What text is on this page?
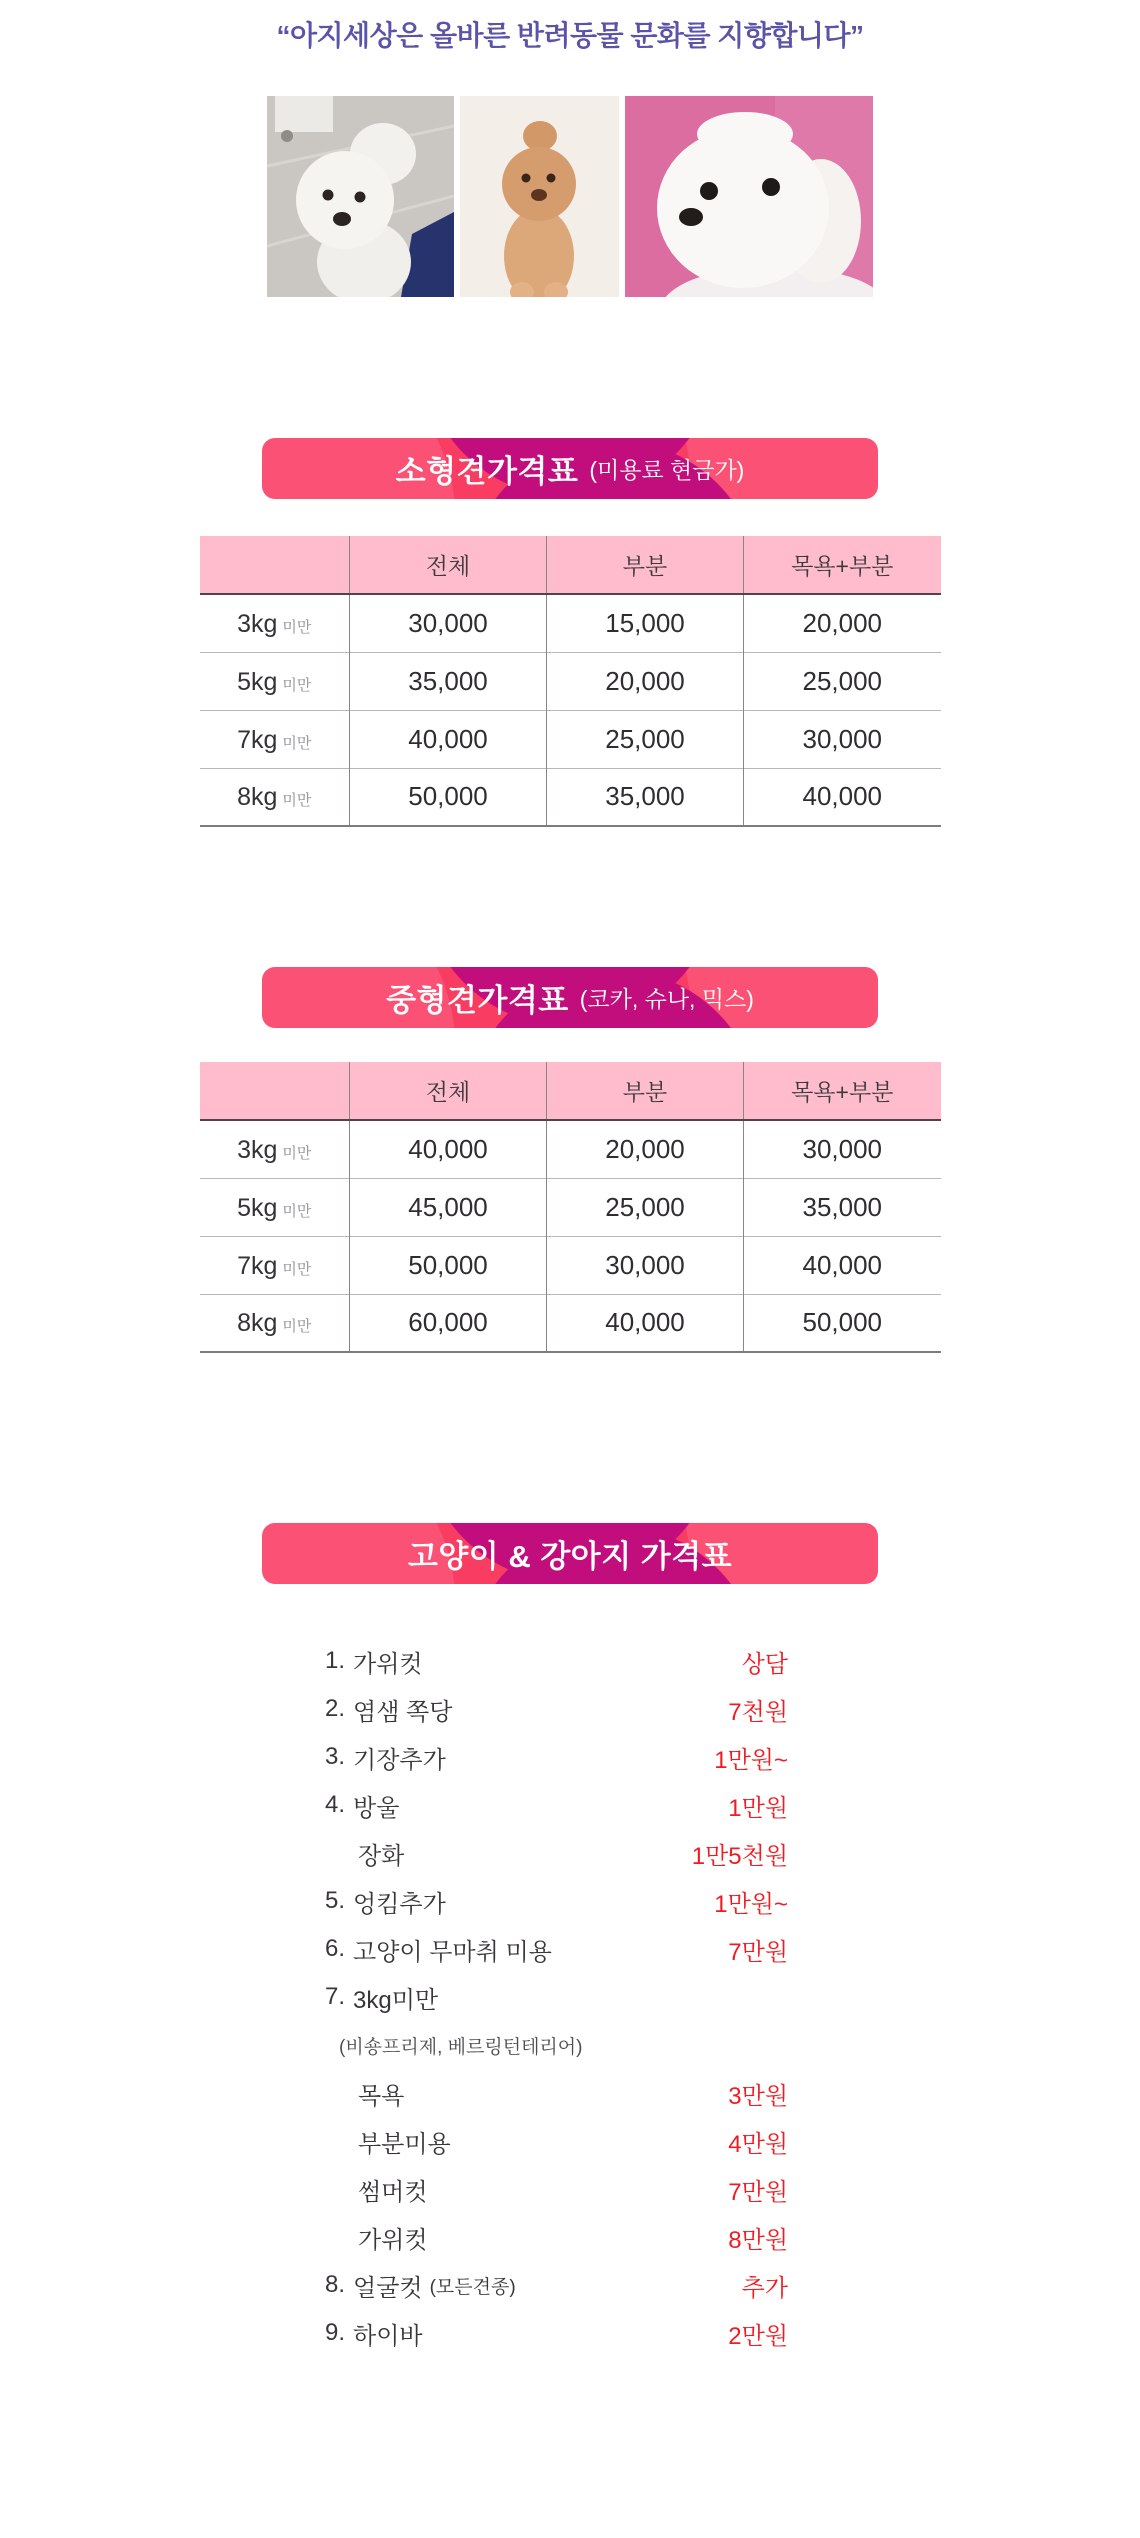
“아지세상은 올바른 반려동물 문화를 지향합니다”
소형견가격표 (미용료 현금가)
	전체	부분	목욕+부분
3kg 미만	30,000	15,000	20,000
5kg 미만	35,000	20,000	25,000
7kg 미만	40,000	25,000	30,000
8kg 미만	50,000	35,000	40,000
중형견가격표 (코카, 슈나, 믹스)
	전체	부분	목욕+부분
3kg 미만	40,000	20,000	30,000
5kg 미만	45,000	25,000	35,000
7kg 미만	50,000	30,000	40,000
8kg 미만	60,000	40,000	50,000
고양이 & 강아지 가격표
1. 가위컷	상담
2. 염샘 쪽당	7천원
3. 기장추가	1만원~
4. 방울	1만원
장화	1만5천원
5. 엉킴추가	1만원~
6. 고양이 무마취 미용	7만원
7. 3kg미만
(비숑프리제, 베르링턴테리어)
목욕	3만원
부분미용	4만원
썸머컷	7만원
가위컷	8만원
8. 얼굴컷 (모든견종)	추가
9. 하이바	2만원
